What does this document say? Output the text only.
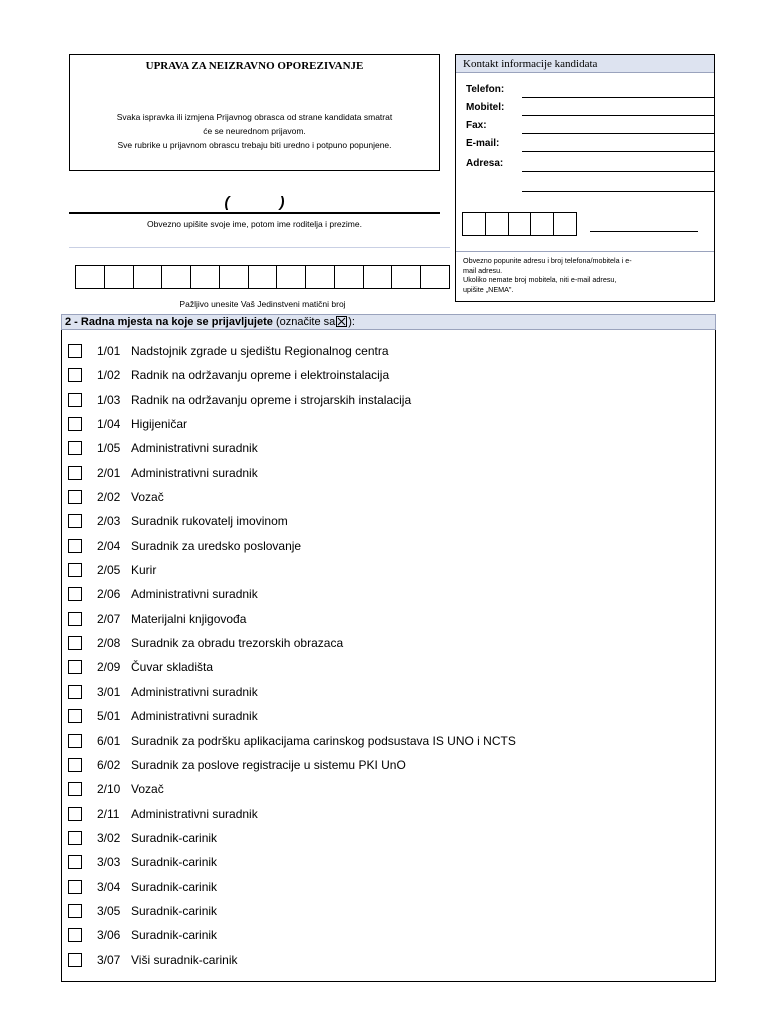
UPRAVA ZA NEIZRAVNO OPOREZIVANJE
Svaka ispravka ili izmjena Prijavnog obrasca od strane kandidata smatrat
će se neurednom prijavom.
Sve rubrike u prijavnom obrascu trebaju biti uredno i potpuno popunjene.
(            )
Obvezno upišite svoje ime, potom ime roditelja i prezime.
Pažljivo unesite Vaš Jedinstveni matični broj
Kontakt informacije kandidata
Telefon:
Mobitel:
Fax:
E-mail:
Adresa:
Obvezno popunite adresu i broj telefona/mobitela i e-
mail adresu.
Ukoliko nemate broj mobitela, niti e-mail adresu,
upišite „NEMA".
2 - Radna mjesta na koje se prijavljujete (označite sa ):
1/01 Nadstojnik zgrade u sjedištu Regionalnog centra
1/02 Radnik na održavanju opreme i elektroinstalacija
1/03 Radnik na održavanju opreme i strojarskih instalacija
1/04 Higijeničar
1/05 Administrativni suradnik
2/01 Administrativni suradnik
2/02 Vozač
2/03 Suradnik rukovatelj imovinom
2/04 Suradnik za uredsko poslovanje
2/05 Kurir
2/06 Administrativni suradnik
2/07 Materijalni knjigovođa
2/08 Suradnik za obradu trezorskih obrazaca
2/09 Čuvar skladišta
3/01 Administrativni suradnik
5/01 Administrativni suradnik
6/01 Suradnik za podršku aplikacijama carinskog podsustava IS UNO i NCTS
6/02 Suradnik za poslove registracije u sistemu PKI UnO
2/10 Vozač
2/11 Administrativni suradnik
3/02 Suradnik-carinik
3/03 Suradnik-carinik
3/04 Suradnik-carinik
3/05 Suradnik-carinik
3/06 Suradnik-carinik
3/07 Viši suradnik-carinik
